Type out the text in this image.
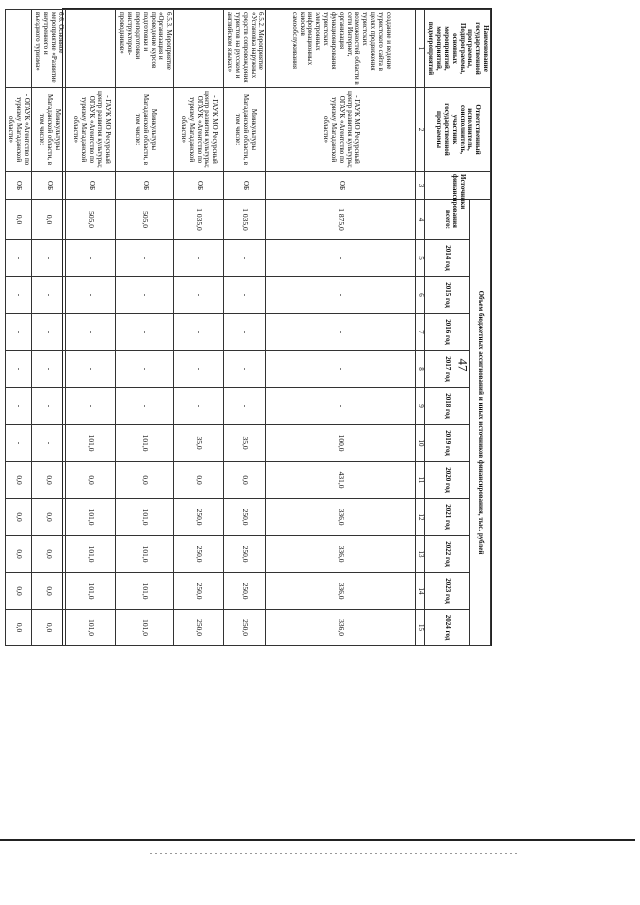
47
Наименование государственной программы, Подпрограммы, основных мероприятий, мероприятий, подмероприятий	Ответственный исполнитель, соисполнитель, участник государственной программы	Источники финансирования	Объем бюджетных ассигнований и иных источников финансирования, тыс. рублей											
			всего:	2014 год	2015 год	2016 год	2017 год	2018 год	2019 год	2020 год	2021 год	2022 год	2023 год	2024 год
1	2	3	4	5	6	7	8	9	10	11	12	13	14	15
создание и ведение туристского сайта в целях продвижения туристских возможностей области в сети Интернет, организация функционирования туристских электронных информационных киосков самообслуживания	- ГАУК МО Ресурсный центр развития культуры; ОГАУК «Агентство по туризму Магаданской области»	ОБ	1 875,0	-	-	-	-	-	100,0	431,0	336,0	336,0	336,0	336,0
6.5.2. Мероприятие «Установка наружных средств сопровождения туристов на русском и английском языках»	Минкультуры Магаданской области, в том числе:	ОБ	1 035,0	-	-	-	-	-	35,0	0,0	250,0	250,0	250,0	250,0
	- ГАУК МО Ресурсный центр развития культуры; ОГАУК «Агентство по туризму Магаданской области»	ОБ	1 035,0	-	-	-	-	-	35,0	0,0	250,0	250,0	250,0	250,0
6.5.3. Мероприятие «Организация и проведение курсов подготовки и переподготовки инструкторов-проводников»	Минкультуры Магаданской области, в том числе:	ОБ	505,0	-	-	-	-	-	101,0	0,0	101,0	101,0	101,0	101,0
	- ГАУК МО Ресурсный центр развития культуры; ОГАУК «Агентство по туризму Магаданской области»	ОБ	505,0	-	-	-	-	-	101,0	0,0	101,0	101,0	101,0	101,0
6.6. Основное мероприятие «Развитие внутреннего и въездного туризма»	Минкультуры Магаданской области, в том числе:	ОБ	0,0	-	-	-	-	-	-	0,0	0,0	0,0	0,0	0,0
	- ОГАУК «Агентство по туризму Магаданской области»	ОБ	0,0	-	-	-	-	-	-	0,0	0,0	0,0	0,0	0,0
